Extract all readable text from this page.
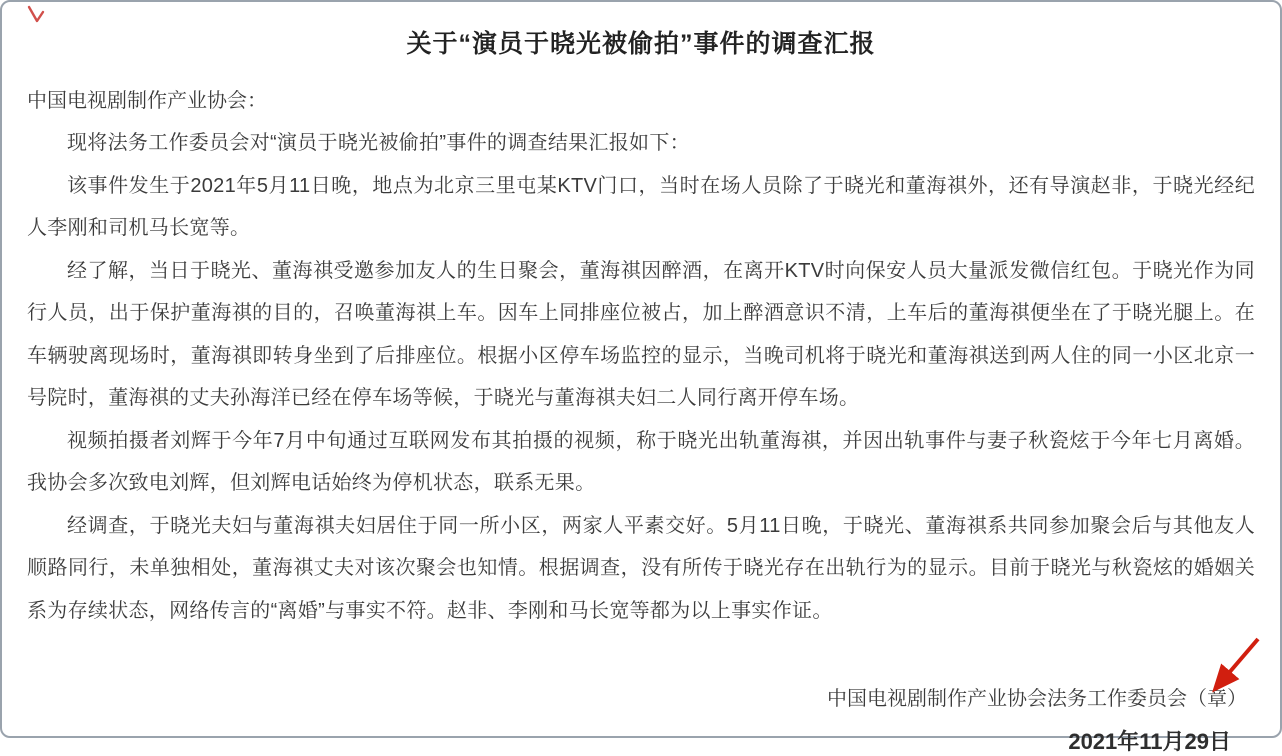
关于“演员于晓光被偷拍”事件的调查汇报

中国电视剧制作产业协会：

现将法务工作委员会对“演员于晓光被偷拍”事件的调查结果汇报如下：

该事件发生于2021年5月11日晚，地点为北京三里屯某KTV门口，当时在场人员除了于晓光和董海祺外，还有导演赵非，于晓光经纪人李刚和司机马长宽等。

经了解，当日于晓光、董海祺受邀参加友人的生日聚会，董海祺因醉酒，在离开KTV时向保安人员大量派发微信红包。于晓光作为同行人员，出于保护董海祺的目的，召唤董海祺上车。因车上同排座位被占，加上醉酒意识不清，上车后的董海祺便坐在了于晓光腿上。在车辆驶离现场时，董海祺即转身坐到了后排座位。根据小区停车场监控的显示，当晚司机将于晓光和董海祺送到两人住的同一小区北京一号院时，董海祺的丈夫孙海洋已经在停车场等候，于晓光与董海祺夫妇二人同行离开停车场。

视频拍摄者刘辉于今年7月中旬通过互联网发布其拍摄的视频，称于晓光出轨董海祺，并因出轨事件与妻子秋瓷炫于今年七月离婚。我协会多次致电刘辉，但刘辉电话始终为停机状态，联系无果。

经调查，于晓光夫妇与董海祺夫妇居住于同一所小区，两家人平素交好。5月11日晚，于晓光、董海祺系共同参加聚会后与其他友人顺路同行，未单独相处，董海祺丈夫对该次聚会也知情。根据调查，没有所传于晓光存在出轨行为的显示。目前于晓光与秋瓷炫的婚姻关系为存续状态，网络传言的“离婚”与事实不符。赵非、李刚和马长宽等都为以上事实作证。

中国电视剧制作产业协会法务工作委员会（章）

2021年11月29日
